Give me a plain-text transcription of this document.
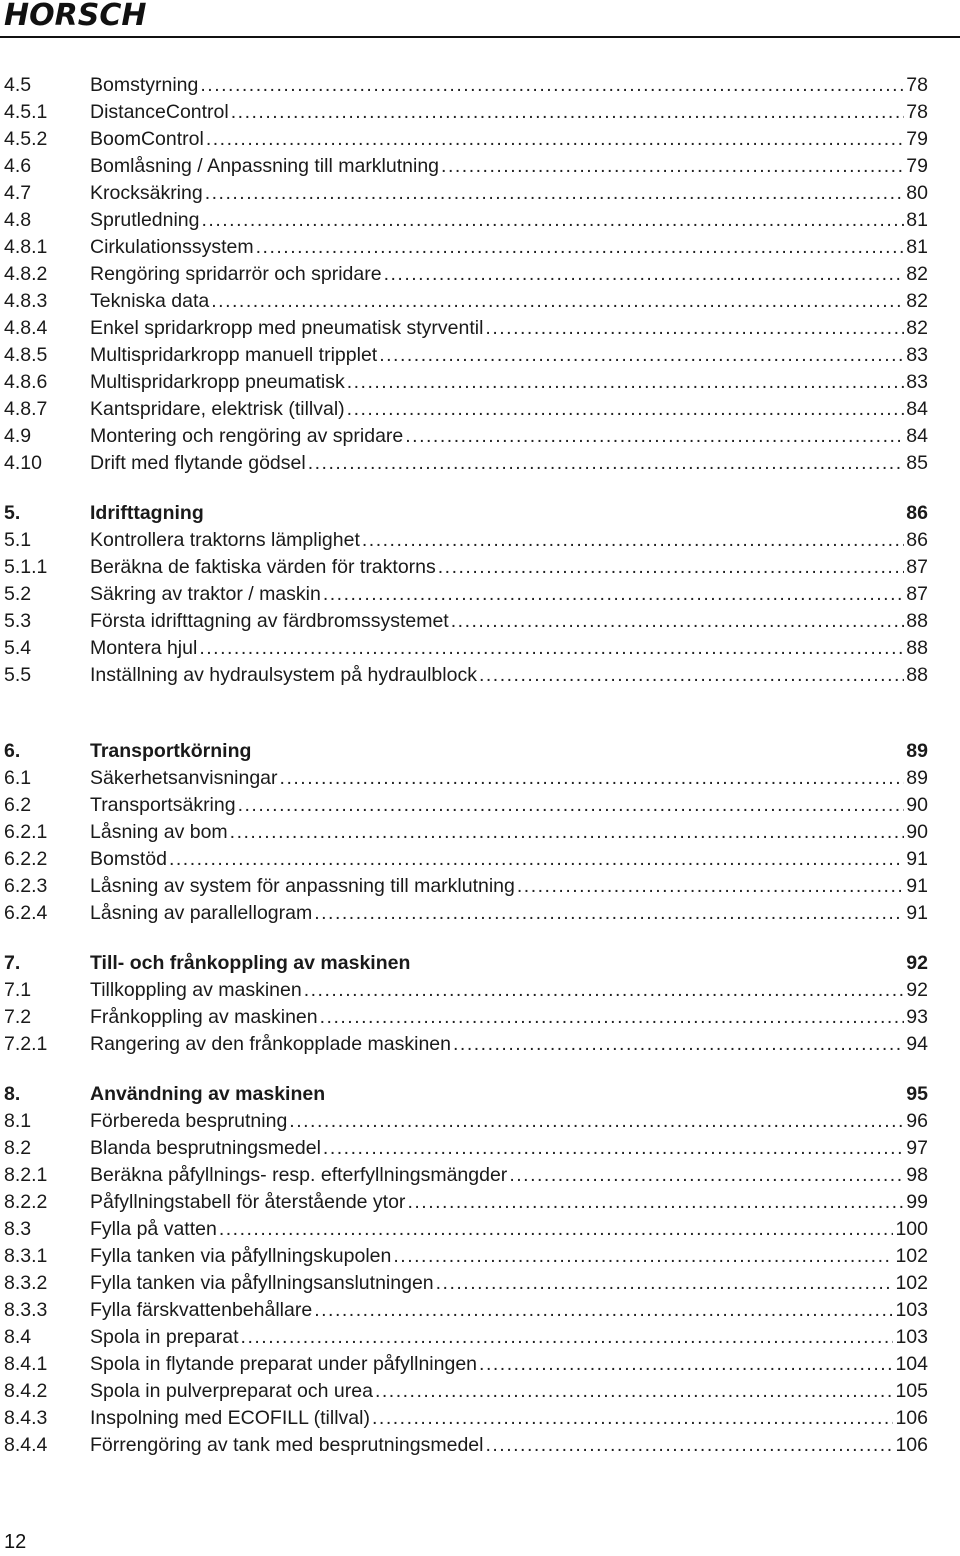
HORSCH
4.5	Bomstyrning .....	78
4.5.1 DistanceControl .....	78
4.5.2 BoomControl .....	79
4.6	Bomlåsning / Anpassning till marklutning .....	79
4.7	Krocksäkring .....	80
4.8	Sprutledning .....	81
4.8.1 Cirkulationssystem .....	81
4.8.2 Rengöring spridarrör och spridare .....	82
4.8.3 Tekniska data .....	82
4.8.4 Enkel spridarkropp med pneumatisk styrventil .....	82
4.8.5 Multispridarkropp manuell tripplet .....	83
4.8.6 Multispridarkropp pneumatisk .....	83
4.8.7 Kantspridare, elektrisk (tillval) .....	84
4.9	Montering och rengöring av spridare .....	84
4.10 Drift med flytande gödsel .....	85
5.	Idrifttagning	86
5.1	Kontrollera traktorns lämplighet .....	86
5.1.1 Beräkna de faktiska värden för traktorns .....	87
5.2	Säkring av traktor / maskin .....	87
5.3	Första idrifttagning av färdbromssystemet .....	88
5.4	Montera hjul .....	88
5.5	Inställning av hydraulsystem på hydraulblock .....	88
6.	Transportkörning	89
6.1	Säkerhetsanvisningar .....	89
6.2	Transportsäkring .....	90
6.2.1 Låsning av bom .....	90
6.2.2 Bomstöd .....	91
6.2.3 Låsning av system för anpassning till marklutning .....	91
6.2.4 Låsning av parallellogram .....	91
7.	Till- och frånkoppling av maskinen	92
7.1	Tillkoppling av maskinen .....	92
7.2	Frånkoppling av maskinen .....	93
7.2.1 Rangering av den frånkopplade maskinen .....	94
8.	Användning av maskinen	95
8.1	Förbereda besprutning .....	96
8.2	Blanda besprutningsmedel .....	97
8.2.1 Beräkna påfyllnings- resp. efterfyllningsmängder .....	98
8.2.2 Påfyllningstabell för återstående ytor .....	99
8.3	Fylla på vatten .....	100
8.3.1 Fylla tanken via påfyllningskupolen .....	102
8.3.2 Fylla tanken via påfyllningsanslutningen .....	102
8.3.3 Fylla färskvattenbehållare .....	103
8.4	Spola in preparat .....	103
8.4.1 Spola in flytande preparat under påfyllningen .....	104
8.4.2 Spola in pulverpreparat och urea .....	105
8.4.3 Inspolning med ECOFILL (tillval) .....	106
8.4.4 Förrengöring av tank med besprutningsmedel .....	106
12
